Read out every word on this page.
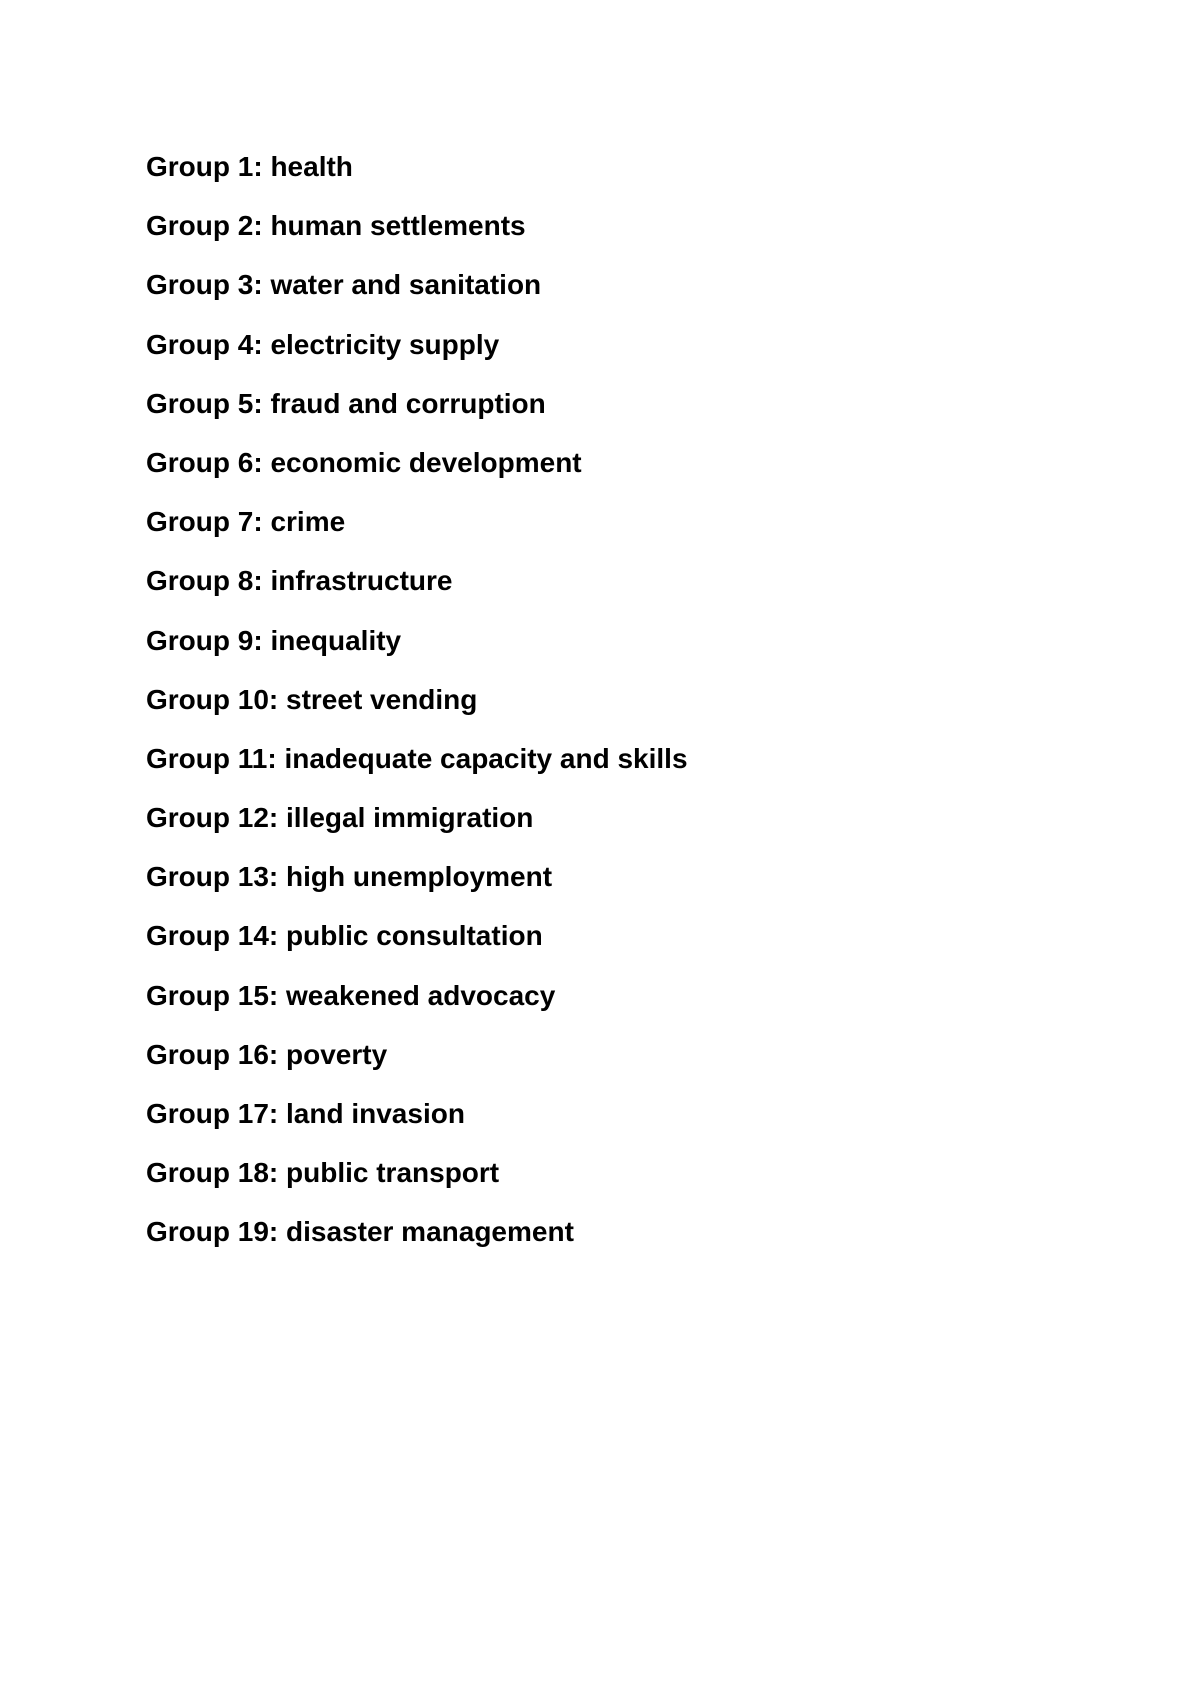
Group 1: health
Group 2: human settlements
Group 3: water and sanitation
Group 4: electricity supply
Group 5: fraud and corruption
Group 6: economic development
Group 7: crime
Group 8: infrastructure
Group 9: inequality
Group 10: street vending
Group 11: inadequate capacity and skills
Group 12: illegal immigration
Group 13: high unemployment
Group 14: public consultation
Group 15: weakened advocacy
Group 16: poverty
Group 17: land invasion
Group 18: public transport
Group 19: disaster management
